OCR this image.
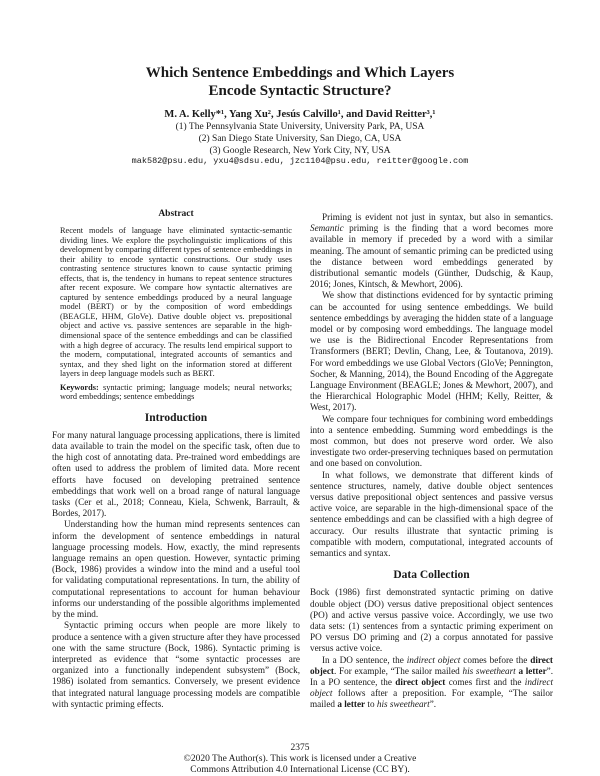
Which Sentence Embeddings and Which Layers
Encode Syntactic Structure?
M. A. Kelly*¹, Yang Xu², Jesús Calvillo¹, and David Reitter³,¹
(1) The Pennsylvania State University, University Park, PA, USA
(2) San Diego State University, San Diego, CA, USA
(3) Google Research, New York City, NY, USA
mak582@psu.edu, yxu4@sdsu.edu, jzc1104@psu.edu, reitter@google.com
Abstract

Recent models of language have eliminated syntactic-semantic dividing lines. We explore the psycholinguistic implications of this development by comparing different types of sentence embeddings in their ability to encode syntactic constructions. Our study uses contrasting sentence structures known to cause syntactic priming effects, that is, the tendency in humans to repeat sentence structures after recent exposure. We compare how syntactic alternatives are captured by sentence embeddings produced by a neural language model (BERT) or by the composition of word embeddings (BEAGLE, HHM, GloVe). Dative double object vs. prepositional object and active vs. passive sentences are separable in the high-dimensional space of the sentence embeddings and can be classified with a high degree of accuracy. The results lend empirical support to the modern, computational, integrated accounts of semantics and syntax, and they shed light on the information stored at different layers in deep language models such as BERT.

Keywords: syntactic priming; language models; neural networks; word embeddings; sentence embeddings

Introduction

For many natural language processing applications, there is limited data available to train the model on the specific task, often due to the high cost of annotating data. Pre-trained word embeddings are often used to address the problem of limited data. More recent efforts have focused on developing pretrained sentence embeddings that work well on a broad range of natural language tasks (Cer et al., 2018; Conneau, Kiela, Schwenk, Barrault, & Bordes, 2017).

Understanding how the human mind represents sentences can inform the development of sentence embeddings in natural language processing models. How, exactly, the mind represents language remains an open question. However, syntactic priming (Bock, 1986) provides a window into the mind and a useful tool for validating computational representations. In turn, the ability of computational representations to account for human behaviour informs our understanding of the possible algorithms implemented by the mind.

Syntactic priming occurs when people are more likely to produce a sentence with a given structure after they have processed one with the same structure (Bock, 1986). Syntactic priming is interpreted as evidence that “some syntactic processes are organized into a functionally independent subsystem” (Bock, 1986) isolated from semantics. Conversely, we present evidence that integrated natural language processing models are compatible with syntactic priming effects.

Priming is evident not just in syntax, but also in semantics. Semantic priming is the finding that a word becomes more available in memory if preceded by a word with a similar meaning. The amount of semantic priming can be predicted using the distance between word embeddings generated by distributional semantic models (Günther, Dudschig, & Kaup, 2016; Jones, Kintsch, & Mewhort, 2006).

We show that distinctions evidenced for by syntactic priming can be accounted for using sentence embeddings. We build sentence embeddings by averaging the hidden state of a language model or by composing word embeddings. The language model we use is the Bidirectional Encoder Representations from Transformers (BERT; Devlin, Chang, Lee, & Toutanova, 2019). For word embeddings we use Global Vectors (GloVe; Pennington, Socher, & Manning, 2014), the Bound Encoding of the Aggregate Language Environment (BEAGLE; Jones & Mewhort, 2007), and the Hierarchical Holographic Model (HHM; Kelly, Reitter, & West, 2017).

We compare four techniques for combining word embeddings into a sentence embedding. Summing word embeddings is the most common, but does not preserve word order. We also investigate two order-preserving techniques based on permutation and one based on convolution.

In what follows, we demonstrate that different kinds of sentence structures, namely, dative double object sentences versus dative prepositional object sentences and passive versus active voice, are separable in the high-dimensional space of the sentence embeddings and can be classified with a high degree of accuracy. Our results illustrate that syntactic priming is compatible with modern, computational, integrated accounts of semantics and syntax.

Data Collection

Bock (1986) first demonstrated syntactic priming on dative double object (DO) versus dative prepositional object sentences (PO) and active versus passive voice. Accordingly, we use two data sets: (1) sentences from a syntactic priming experiment on PO versus DO priming and (2) a corpus annotated for passive versus active voice.

In a DO sentence, the indirect object comes before the direct object. For example, “The sailor mailed his sweetheart a letter”. In a PO sentence, the direct object comes first and the indirect object follows after a preposition. For example, “The sailor mailed a letter to his sweetheart”.

2375
©2020 The Author(s). This work is licensed under a Creative
Commons Attribution 4.0 International License (CC BY).
